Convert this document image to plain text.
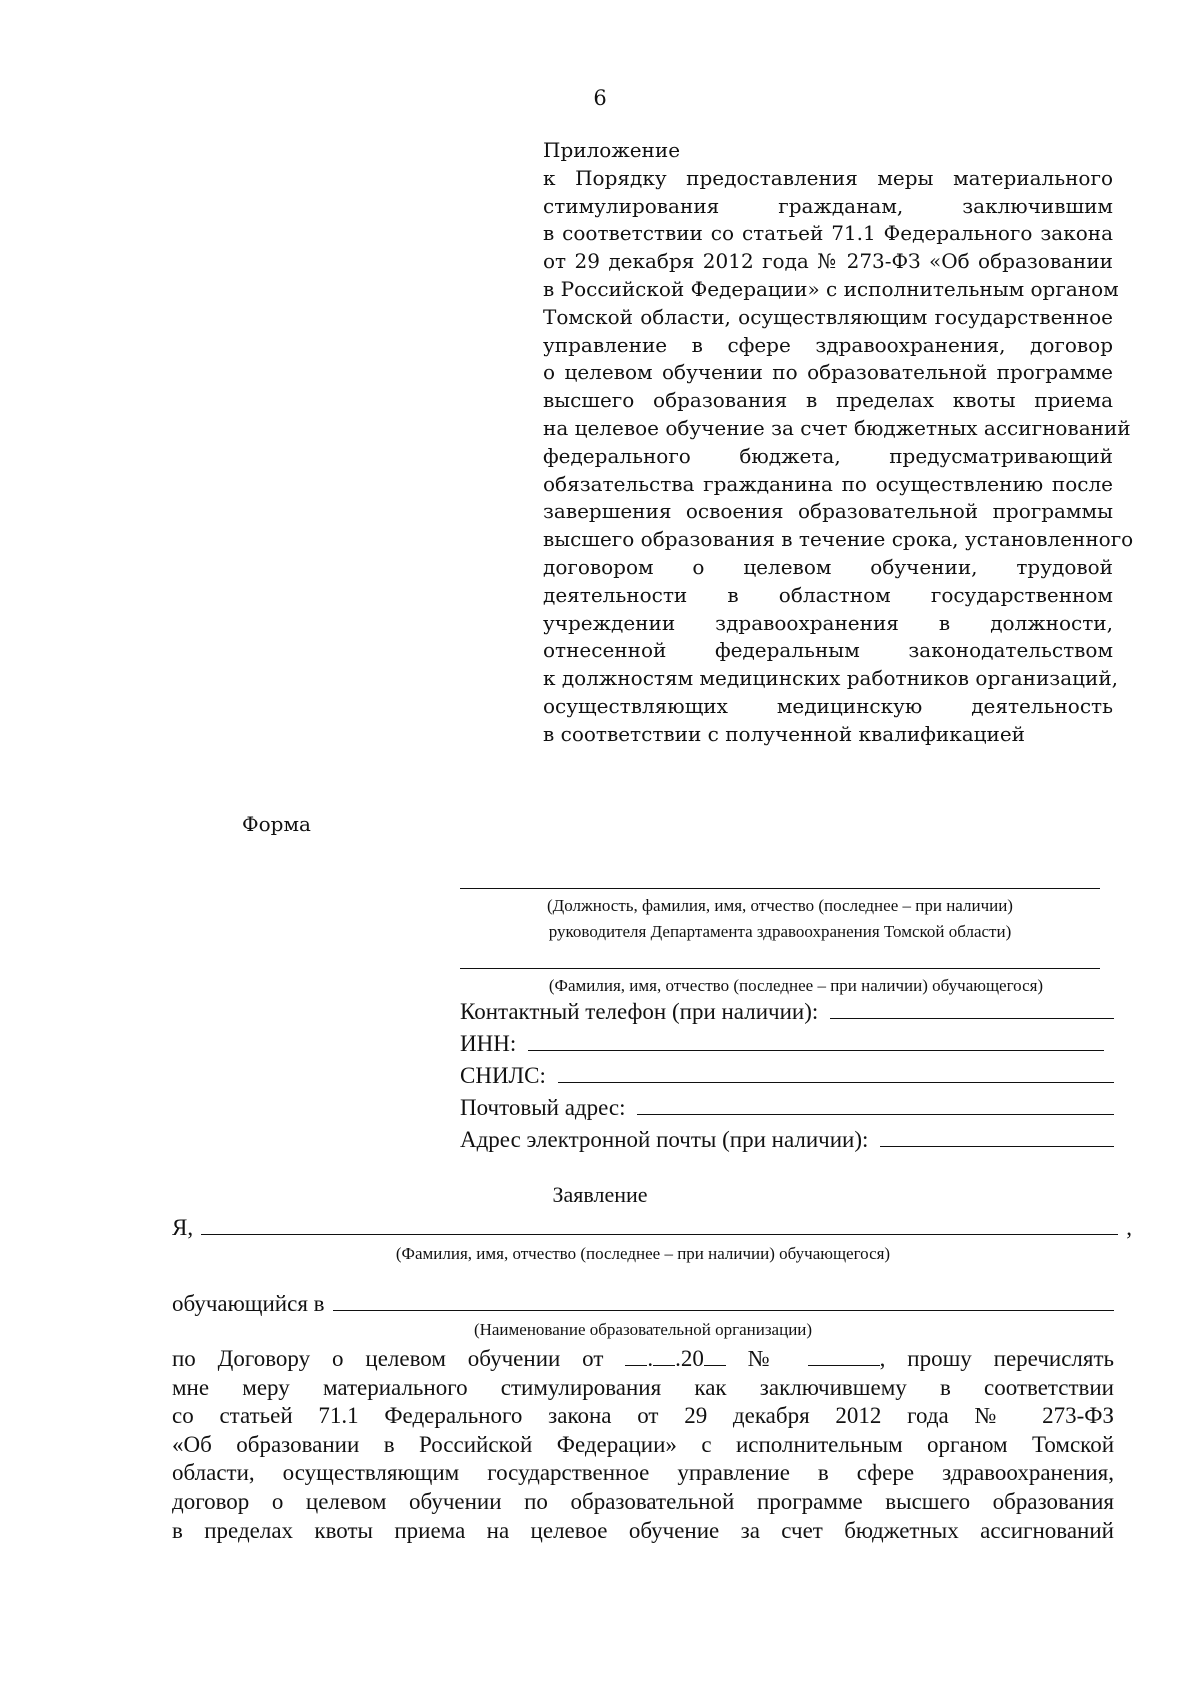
6
Приложение
к Порядку предоставления меры материального
стимулирования гражданам, заключившим
в соответствии со статьей 71.1 Федерального закона
от 29 декабря 2012 года № 273-ФЗ «Об образовании
в Российской Федерации» с исполнительным органом
Томской области, осуществляющим государственное
управление в сфере здравоохранения, договор
о целевом обучении по образовательной программе
высшего образования в пределах квоты приема
на целевое обучение за счет бюджетных ассигнований
федерального бюджета, предусматривающий
обязательства гражданина по осуществлению после
завершения освоения образовательной программы
высшего образования в течение срока, установленного
договором о целевом обучении, трудовой
деятельности в областном государственном
учреждении здравоохранения в должности,
отнесенной федеральным законодательством
к должностям медицинских работников организаций,
осуществляющих медицинскую деятельность
в соответствии с полученной квалификацией
Форма
(Должность, фамилия, имя, отчество (последнее – при наличии)
руководителя Департамента здравоохранения Томской области)
(Фамилия, имя, отчество (последнее – при наличии) обучающегося)
Контактный телефон (при наличии):
ИНН:
СНИЛС:
Почтовый адрес:
Адрес электронной почты (при наличии):
Заявление
Я,	,
(Фамилия, имя, отчество (последнее – при наличии) обучающегося)
обучающийся в
(Наименование образовательной организации)
по Договору о целевом обучении от . .20 №	, прошу перечислять
мне меру материального стимулирования как заключившему в соответствии
со статьей 71.1 Федерального закона от 29 декабря 2012 года № 273-ФЗ
«Об образовании в Российской Федерации» с исполнительным органом Томской
области, осуществляющим государственное управление в сфере здравоохранения,
договор о целевом обучении по образовательной программе высшего образования
в пределах квоты приема на целевое обучение за счет бюджетных ассигнований
